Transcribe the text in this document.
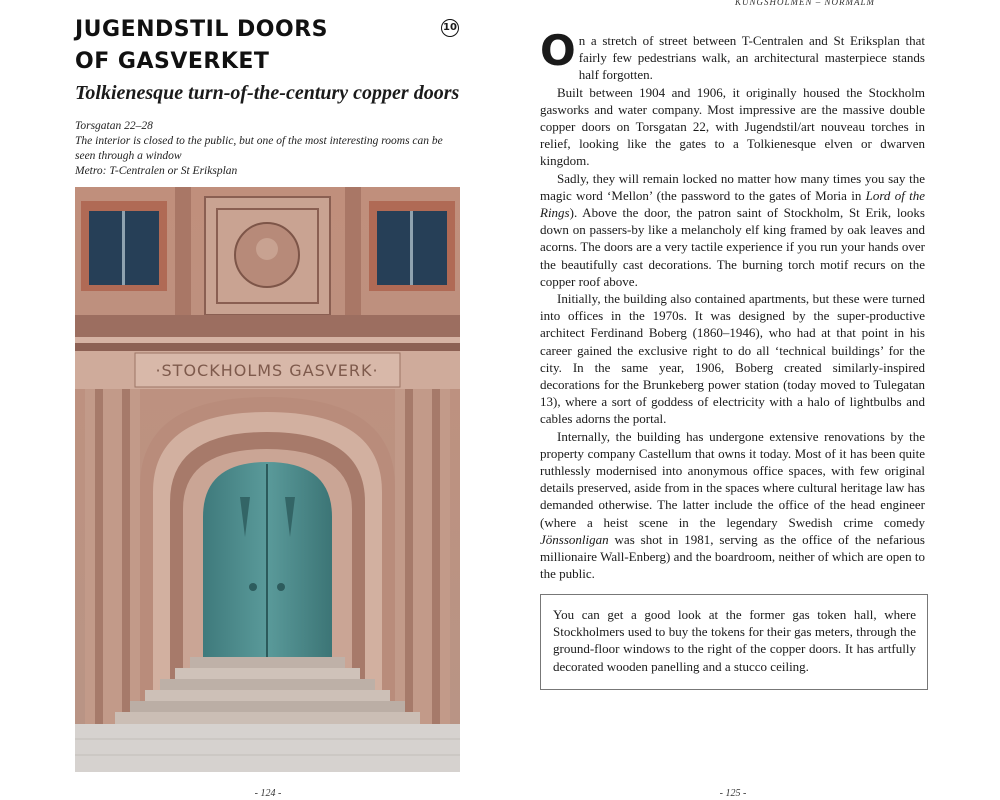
JUGENDSTIL DOORS
OF GASVERKET
10
Tolkienesque turn-of-the-century copper doors
Torsgatan 22–28
The interior is closed to the public, but one of the most interesting rooms can be seen through a window
Metro: T-Centralen or St Eriksplan
·STOCKHOLMS GASVERK·
- 124 -
KUNGSHOLMEN – NORMALM

On a stretch of street between T-Centralen and St Eriksplan that fairly few pedestrians walk, an architectural masterpiece stands half forgotten.

Built between 1904 and 1906, it originally housed the Stockholm gasworks and water company. Most impressive are the massive double copper doors on Torsgatan 22, with Jugendstil/art nouveau torches in relief, looking like the gates to a Tolkienesque elven or dwarven kingdom.

Sadly, they will remain locked no matter how many times you say the magic word ‘Mellon’ (the password to the gates of Moria in Lord of the Rings). Above the door, the patron saint of Stockholm, St Erik, looks down on passers-by like a melancholy elf king framed by oak leaves and acorns. The doors are a very tactile experience if you run your hands over the beautifully cast decorations. The burning torch motif recurs on the copper roof above.

Initially, the building also contained apartments, but these were turned into offices in the 1970s. It was designed by the super-productive architect Ferdinand Boberg (1860–1946), who had at that point in his career gained the exclusive right to do all ‘technical buildings’ for the city. In the same year, 1906, Boberg created similarly-inspired decorations for the Brunkeberg power station (today moved to Tulegatan 13), where a sort of goddess of electricity with a halo of lightbulbs and cables adorns the portal.

Internally, the building has undergone extensive renovations by the property company Castellum that owns it today. Most of it has been quite ruthlessly modernised into anonymous office spaces, with few original details preserved, aside from in the spaces where cultural heritage law has demanded otherwise. The latter include the office of the head engineer (where a heist scene in the legendary Swedish crime comedy Jönssonligan was shot in 1981, serving as the office of the nefarious millionaire Wall-Enberg) and the boardroom, neither of which are open to the public.

You can get a good look at the former gas token hall, where Stockholmers used to buy the tokens for their gas meters, through the ground-floor windows to the right of the copper doors. It has artfully decorated wooden panelling and a stucco ceiling.
- 125 -
